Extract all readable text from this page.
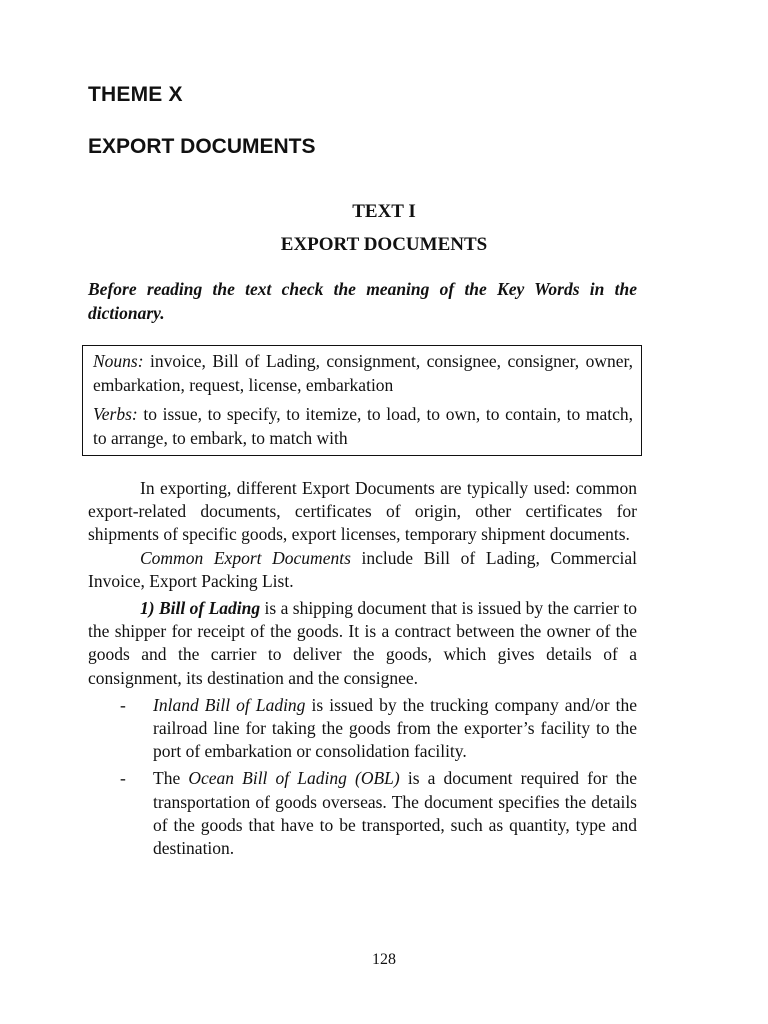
THEME X
EXPORT DOCUMENTS
TEXT I
EXPORT DOCUMENTS
Before reading the text check the meaning of the Key Words in the dictionary.

Nouns: invoice, Bill of Lading, consignment, consignee, consigner, owner, embarkation, request, license, embarkation

Verbs: to issue, to specify, to itemize, to load, to own, to contain, to match, to arrange, to embark, to match with

In exporting, different Export Documents are typically used: common export-related documents, certificates of origin, other certificates for shipments of specific goods, export licenses, temporary shipment documents.

Common Export Documents include Bill of Lading, Commercial Invoice, Export Packing List.

1) Bill of Lading is a shipping document that is issued by the carrier to the shipper for receipt of the goods. It is a contract between the owner of the goods and the carrier to deliver the goods, which gives details of a consignment, its destination and the consignee.

- Inland Bill of Lading is issued by the trucking company and/or the railroad line for taking the goods from the exporter’s facility to the port of embarkation or consolidation facility.
- The Ocean Bill of Lading (OBL) is a document required for the transportation of goods overseas. The document specifies the details of the goods that have to be transported, such as quantity, type and destination.
128
